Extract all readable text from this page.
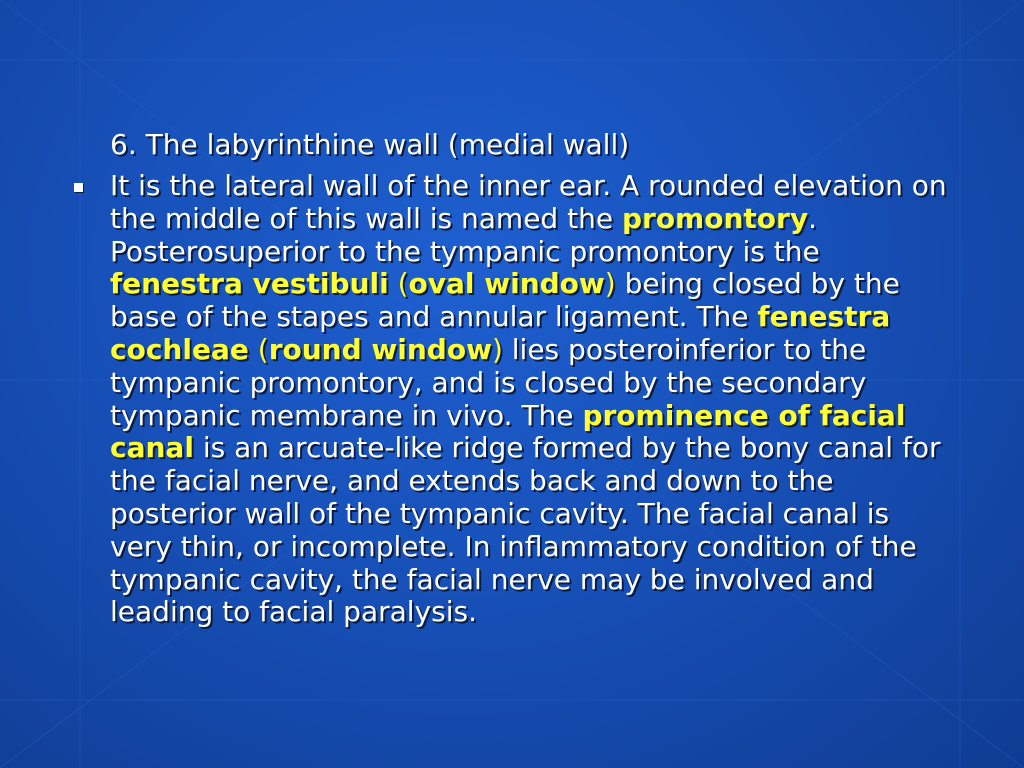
6. The labyrinthine wall (medial wall)
It is the lateral wall of the inner ear. A rounded elevation on the middle of this wall is named the promontory. Posterosuperior to the tympanic promontory is the fenestra vestibuli (oval window) being closed by the base of the stapes and annular ligament. The fenestra cochleae (round window) lies posteroinferior to the tympanic promontory, and is closed by the secondary tympanic membrane in vivo. The prominence of facial canal is an arcuate-like ridge formed by the bony canal for the facial nerve, and extends back and down to the posterior wall of the tympanic cavity. The facial canal is very thin, or incomplete. In inflammatory condition of the tympanic cavity, the facial nerve may be involved and leading to facial paralysis.
